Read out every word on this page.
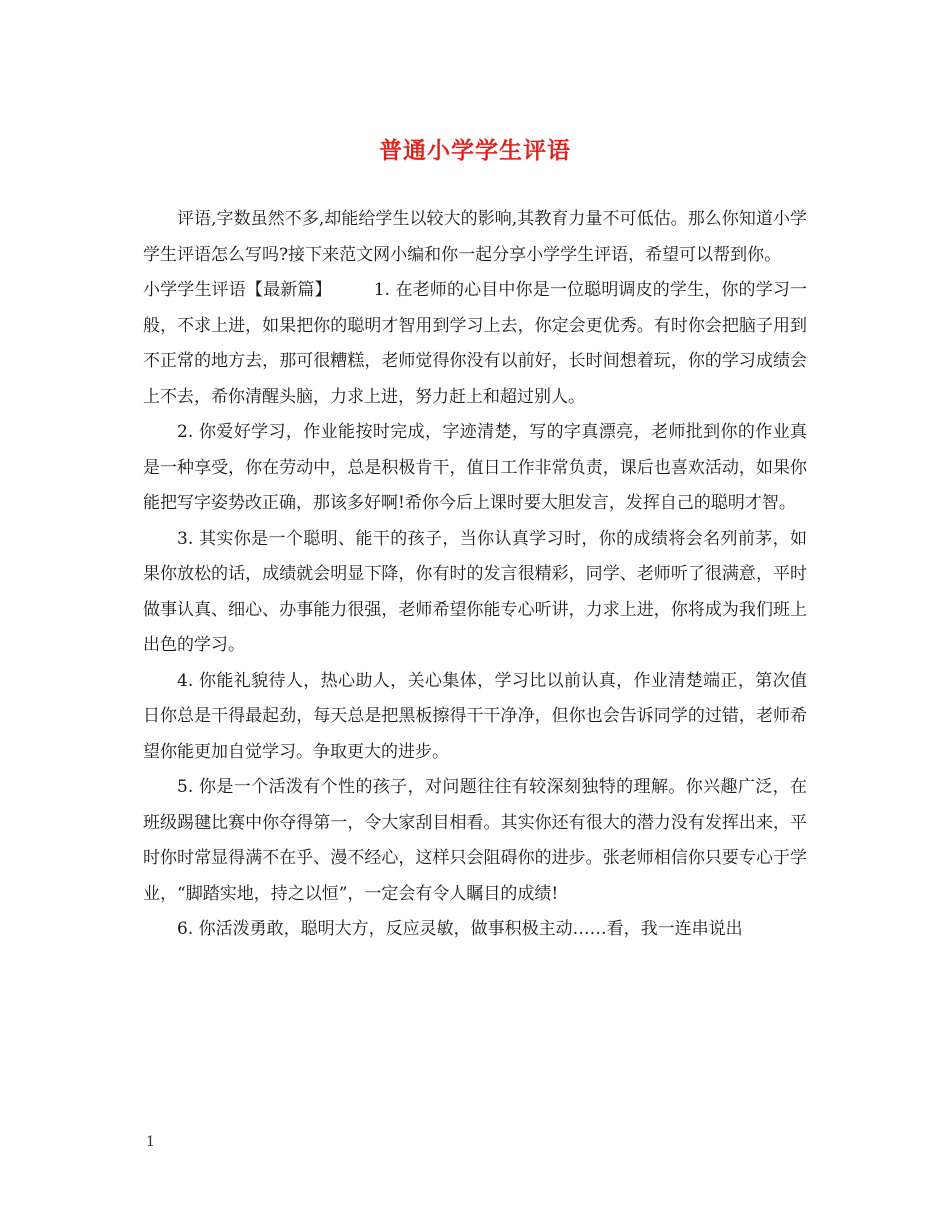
普通小学学生评语

评语,字数虽然不多,却能给学生以较大的影响,其教育力量不可低估。那么你知道小学学生评语怎么写吗?接下来范文网小编和你一起分享小学学生评语，希望可以帮到你。

小学学生评语【最新篇】 1. 在老师的心目中你是一位聪明调皮的学生，你的学习一般，不求上进，如果把你的聪明才智用到学习上去，你定会更优秀。有时你会把脑子用到不正常的地方去，那可很糟糕，老师觉得你没有以前好，长时间想着玩，你的学习成绩会上不去，希你清醒头脑，力求上进，努力赶上和超过别人。

2. 你爱好学习，作业能按时完成，字迹清楚，写的字真漂亮，老师批到你的作业真是一种享受，你在劳动中，总是积极肯干，值日工作非常负责，课后也喜欢活动，如果你能把写字姿势改正确，那该多好啊!希你今后上课时要大胆发言，发挥自己的聪明才智。

3. 其实你是一个聪明、能干的孩子，当你认真学习时，你的成绩将会名列前茅，如果你放松的话，成绩就会明显下降，你有时的发言很精彩，同学、老师听了很满意，平时做事认真、细心、办事能力很强，老师希望你能专心听讲，力求上进，你将成为我们班上出色的学习。

4. 你能礼貌待人，热心助人，关心集体，学习比以前认真，作业清楚端正，第次值日你总是干得最起劲，每天总是把黑板擦得干干净净，但你也会告诉同学的过错，老师希望你能更加自觉学习。争取更大的进步。

5. 你是一个活泼有个性的孩子，对问题往往有较深刻独特的理解。你兴趣广泛，在班级踢毽比赛中你夺得第一，令大家刮目相看。其实你还有很大的潜力没有发挥出来，平时你时常显得满不在乎、漫不经心，这样只会阻碍你的进步。张老师相信你只要专心于学业，“脚踏实地，持之以恒”，一定会有令人瞩目的成绩!

6. 你活泼勇敢，聪明大方，反应灵敏，做事积极主动……看，我一连串说出

1
